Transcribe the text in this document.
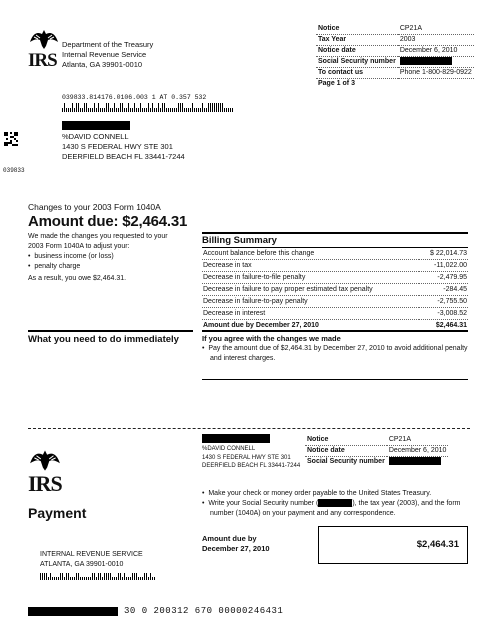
IRS
Department of the Treasury
Internal Revenue Service
Atlanta, GA 39901-0010
Notice	CP21A
Tax Year	2003
Notice date	December 6, 2010
Social Security number	
To contact us	Phone 1-800-829-0922
Page 1 of 3	
039833.814176.0106.003 1 AT 0.357 532
039833
%DAVID CONNELL
1430 S FEDERAL HWY STE 301
DEERFIELD BEACH FL 33441-7244
Changes to your 2003 Form 1040A
Amount due: $2,464.31
We made the changes you requested to your
2003 Form 1040A to adjust your:
•  business income (or loss)
•  penalty charge
As a result, you owe $2,464.31.
Billing Summary
Account balance before this change	$ 22,014.73
Decrease in tax	-11,022.00
Decrease in failure-to-file penalty	-2,479.95
Decrease in failure to pay proper estimated tax penalty	-284.45
Decrease in failure-to-pay penalty	-2,755.50
Decrease in interest	-3,008.52
Amount due by December 27, 2010	$2,464.31
What you need to do immediately	If you agree with the changes we made
•  Pay the amount due of $2,464.31 by December 27, 2010 to avoid additional penalty
and interest charges.
IRS
%DAVID CONNELL
1430 S FEDERAL HWY STE 301
DEERFIELD BEACH FL 33441-7244
Notice	CP21A
Notice date	December 6, 2010
Social Security number	
•  Make your check or money order payable to the United States Treasury.
•  Write your Social Security number (	), the tax year (2003), and the form
number (1040A) on your payment and any correspondence.
Payment
Amount due by
December 27, 2010	$2,464.31
INTERNAL REVENUE SERVICE
ATLANTA, GA 39901-0010
30 0 200312 670 00000246431
